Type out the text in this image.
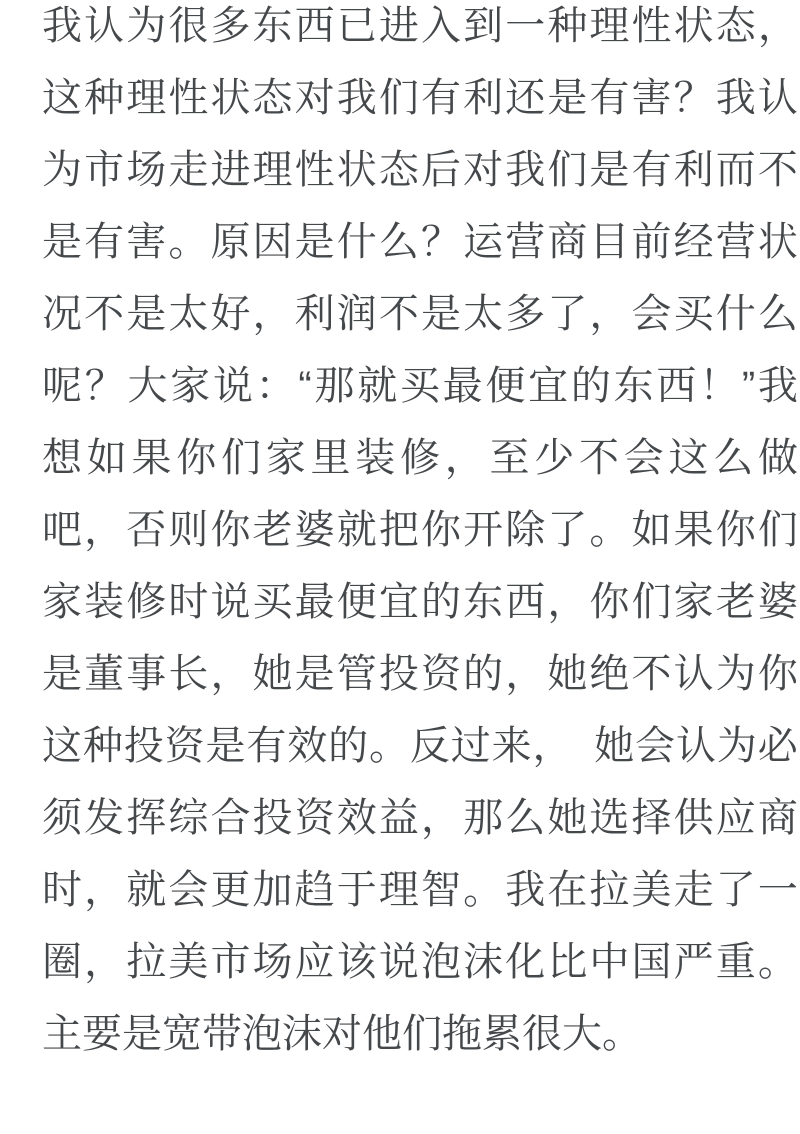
我 认 为 很 多 东 西 已 进 入 到 一 种 理 性 状 态 ，
这 种 理 性 状 态 对 我 们 有 利 还 是 有 害 ？ 我 认
为 市 场 走 进 理 性 状 态 后 对 我 们 是 有 利 而 不
是 有 害 。 原 因 是 什 么 ？ 运 营 商 目 前 经 营 状
况 不 是 太 好 ， 利 润 不 是 太 多 了 ， 会 买 什 么
呢 ？ 大 家 说 ： “ 那 就 买 最 便 宜 的 东 西 ！ ” 我
想 如 果 你 们 家 里 装 修 ， 至 少 不 会 这 么 做
吧 ， 否 则 你 老 婆 就 把 你 开 除 了 。 如 果 你 们
家 装 修 时 说 买 最 便 宜 的 东 西 ， 你 们 家 老 婆
是 董 事 长 ， 她 是 管 投 资 的 ， 她 绝 不 认 为 你
这 种 投 资 是 有 效 的 。 反 过 来 ，
她 会 认 为 必
须 发 挥 综 合 投 资 效 益 ， 那 么 她 选 择 供 应 商
时 ， 就 会 更 加 趋 于 理 智 。 我 在 拉 美 走 了 一
圈 ， 拉 美 市 场 应 该 说 泡 沫 化 比 中 国 严 重 。
主 要 是 宽 带 泡 沫 对 他 们 拖 累 很 大 。
